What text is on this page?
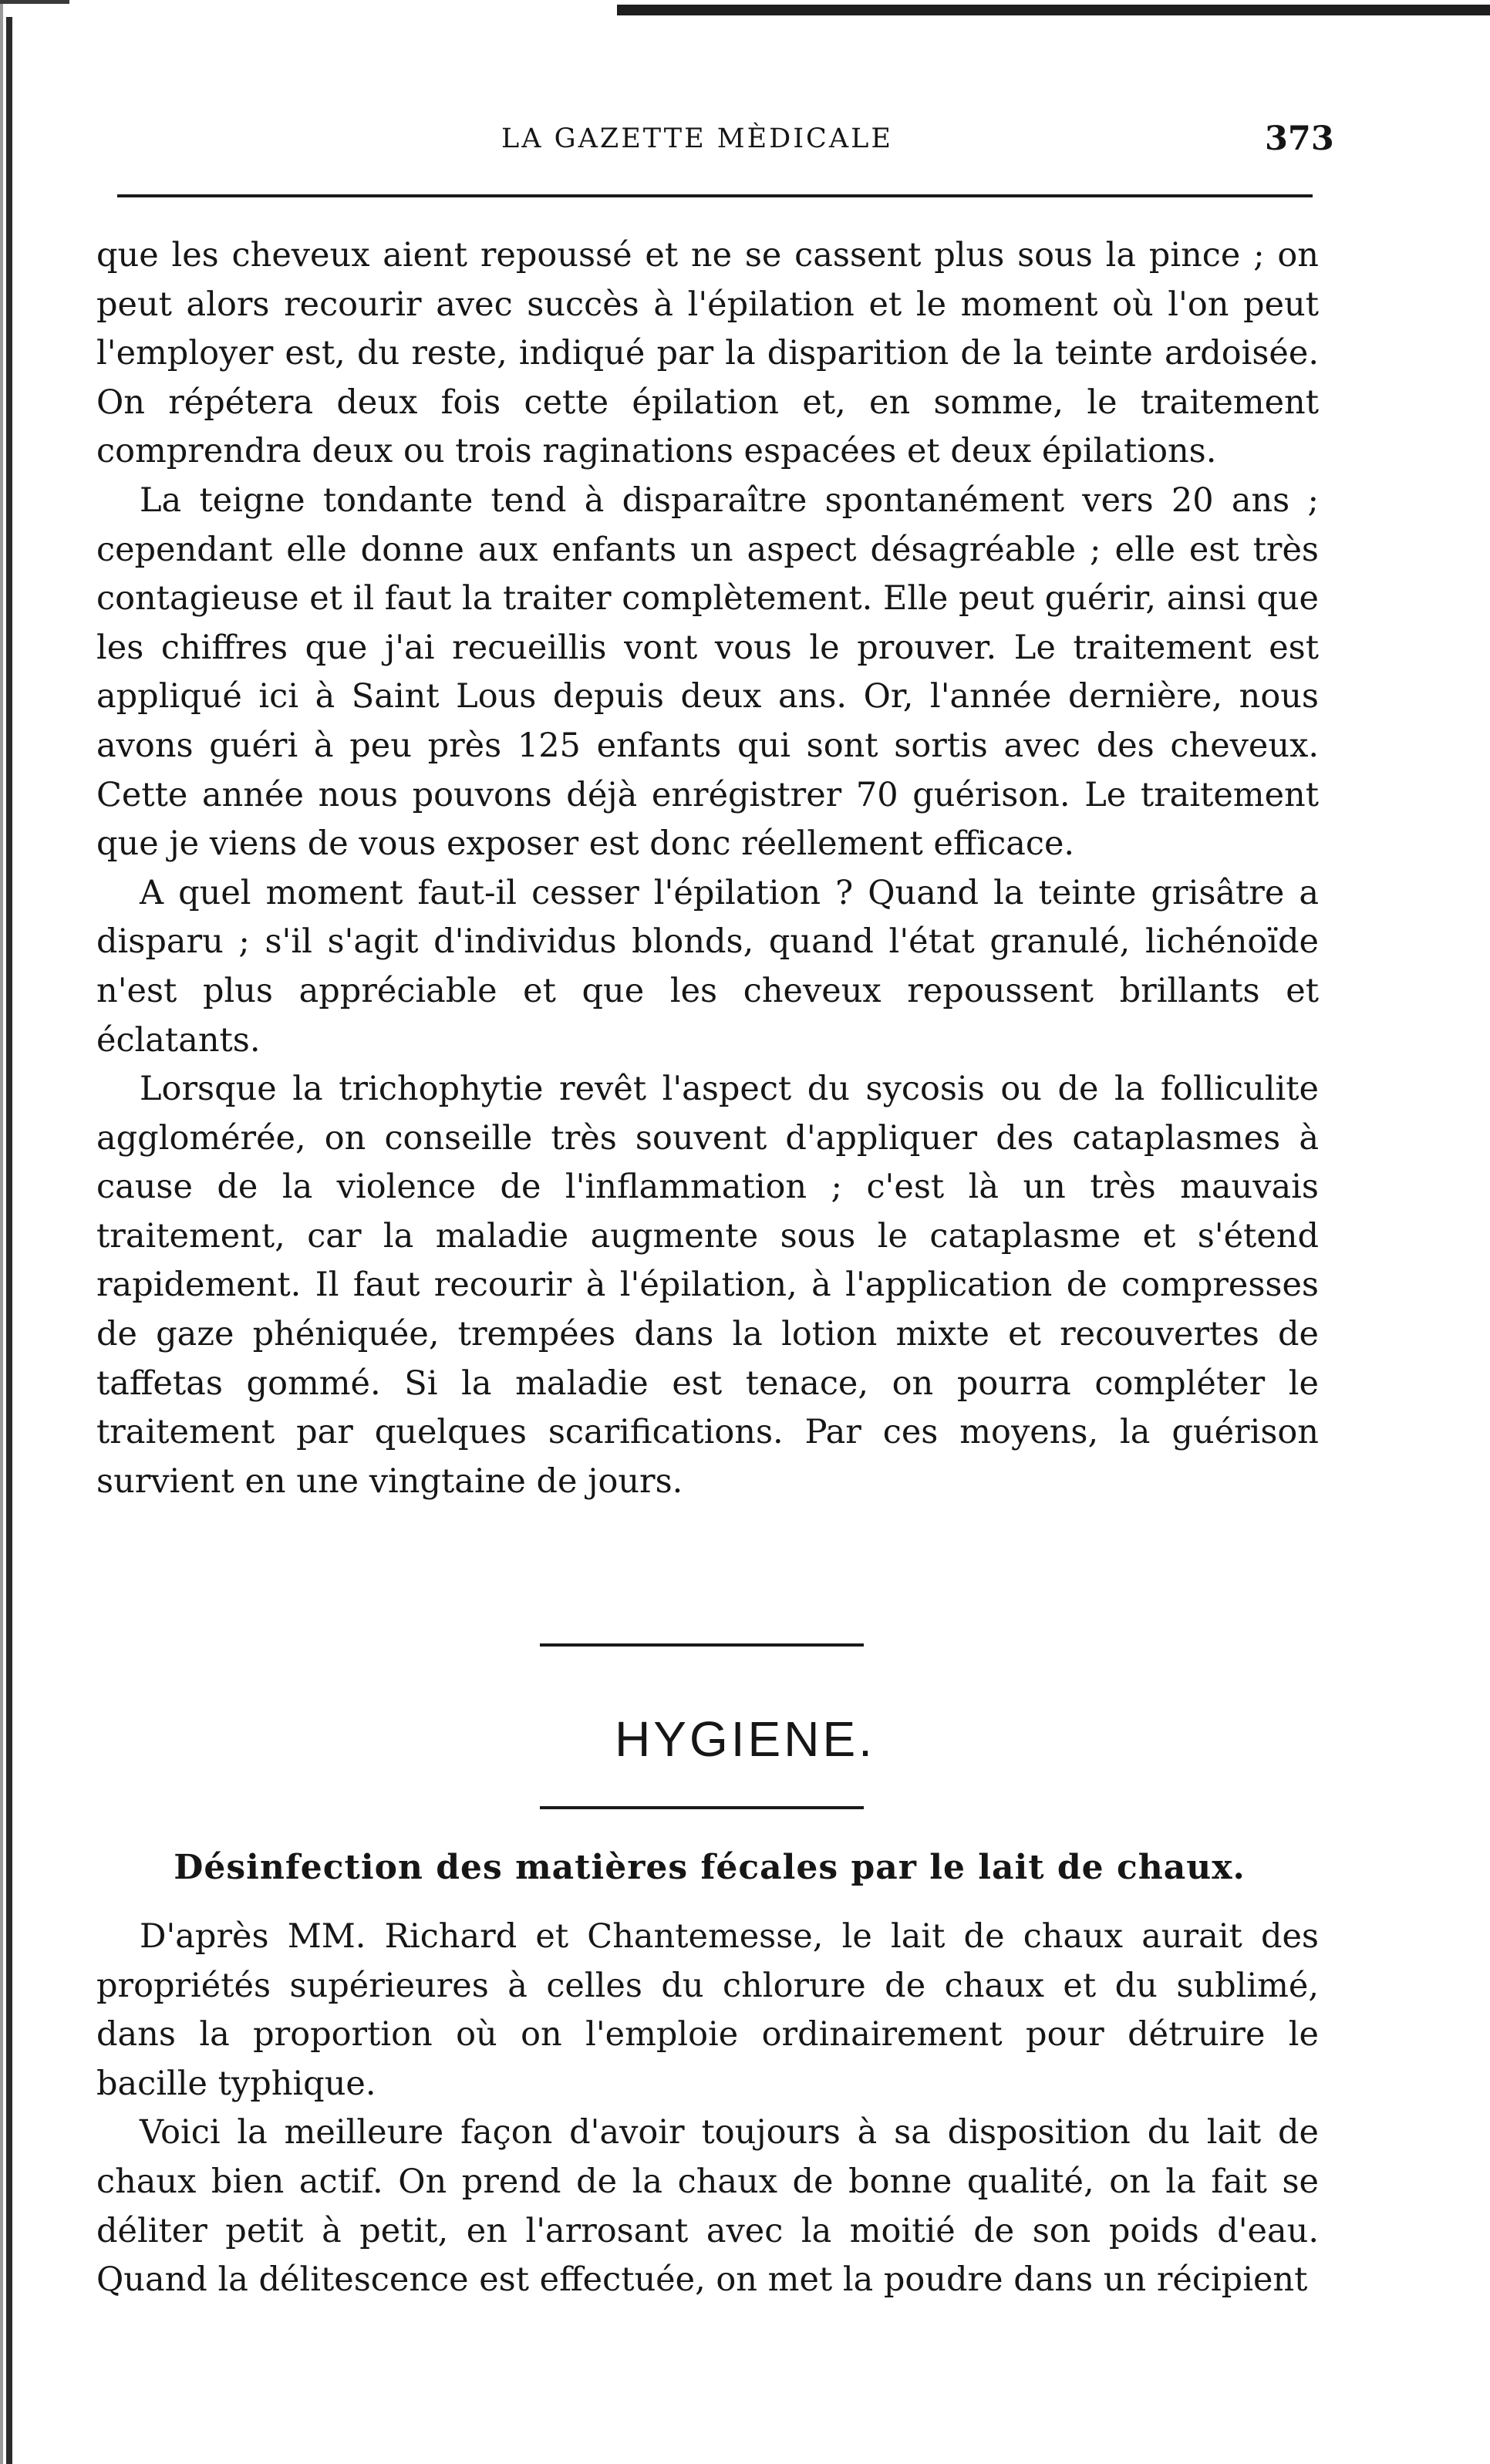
LA GAZETTE MÈDICALE	373

que les cheveux aient repoussé et ne se cassent plus sous la pince ; on peut alors recourir avec succès à l'épilation et le moment où l'on peut l'employer est, du reste, indiqué par la disparition de la teinte ardoisée. On répétera deux fois cette épilation et, en somme, le traitement comprendra deux ou trois raginations espacées et deux épilations.

La teigne tondante tend à disparaître spontanément vers 20 ans ; cependant elle donne aux enfants un aspect désagréable ; elle est très contagieuse et il faut la traiter complètement. Elle peut guérir, ainsi que les chiffres que j'ai recueillis vont vous le prouver. Le traitement est appliqué ici à Saint Lous depuis deux ans. Or, l'année dernière, nous avons guéri à peu près 125 enfants qui sont sortis avec des cheveux. Cette année nous pouvons déjà enrégistrer 70 guérison. Le traitement que je viens de vous exposer est donc réellement efficace.

A quel moment faut-il cesser l'épilation ? Quand la teinte grisâtre a disparu ; s'il s'agit d'individus blonds, quand l'état granulé, lichénoïde n'est plus appréciable et que les cheveux repoussent brillants et éclatants.

Lorsque la trichophytie revêt l'aspect du sycosis ou de la folliculite agglomérée, on conseille très souvent d'appliquer des cataplasmes à cause de la violence de l'inflammation ; c'est là un très mauvais traitement, car la maladie augmente sous le cataplasme et s'étend rapidement. Il faut recourir à l'épilation, à l'application de compresses de gaze phéniquée, trempées dans la lotion mixte et recouvertes de taffetas gommé. Si la maladie est tenace, on pourra compléter le traitement par quelques scarifications. Par ces moyens, la guérison survient en une vingtaine de jours.

HYGIENE.
Désinfection des matières fécales par le lait de chaux.

D'après MM. Richard et Chantemesse, le lait de chaux aurait des propriétés supérieures à celles du chlorure de chaux et du sublimé, dans la proportion où on l'emploie ordinairement pour détruire le bacille typhique.

Voici la meilleure façon d'avoir toujours à sa disposition du lait de chaux bien actif. On prend de la chaux de bonne qualité, on la fait se déliter petit à petit, en l'arrosant avec la moitié de son poids d'eau. Quand la délitescence est effectuée, on met la poudre dans un récipient
